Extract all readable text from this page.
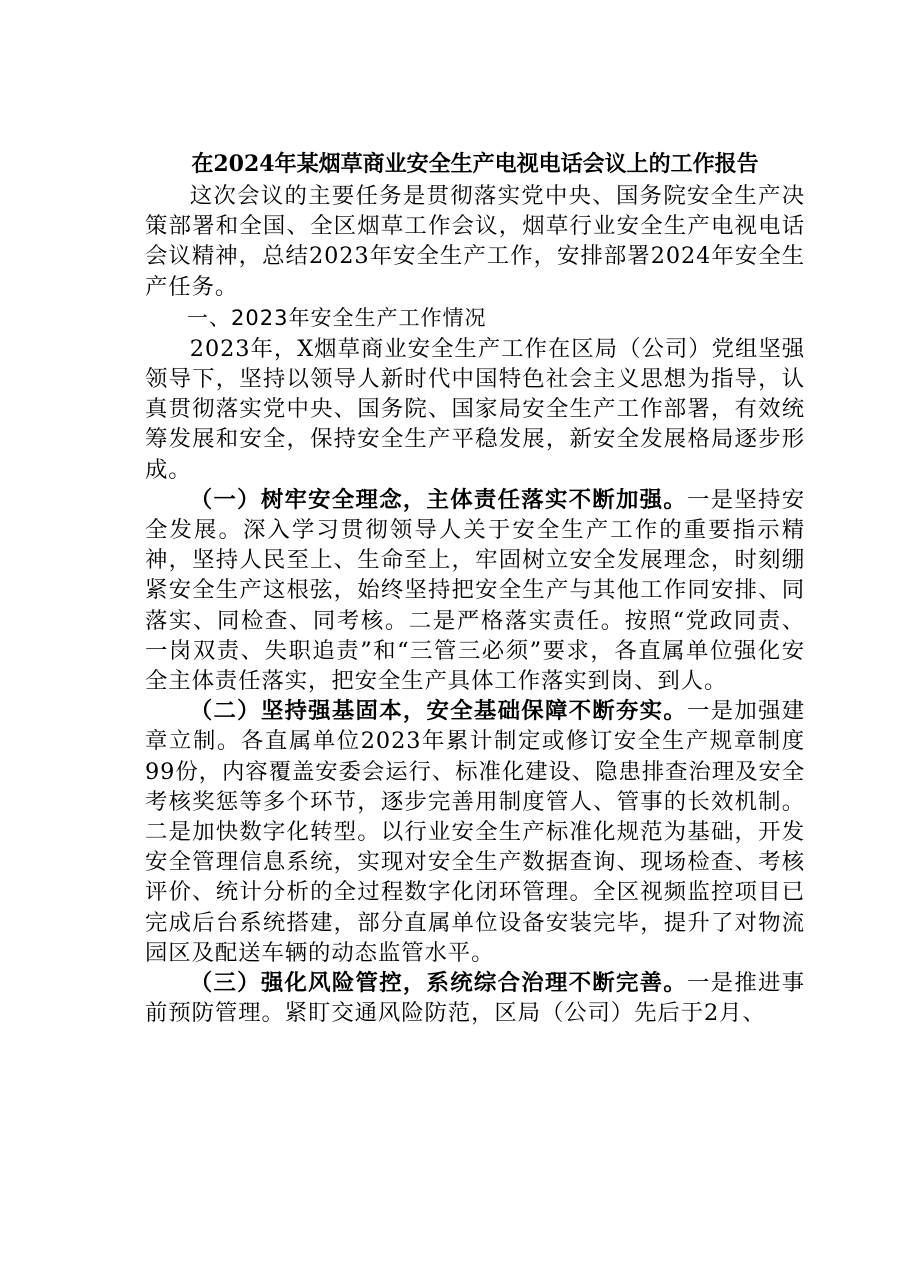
在2024年某烟草商业安全生产电视电话会议上的工作报告

这次会议的主要任务是贯彻落实党中央、国务院安全生产决策部署和全国、全区烟草工作会议，烟草行业安全生产电视电话会议精神，总结2023年安全生产工作，安排部署2024年安全生产任务。

一、2023年安全生产工作情况

2023年，X烟草商业安全生产工作在区局（公司）党组坚强领导下，坚持以领导人新时代中国特色社会主义思想为指导，认真贯彻落实党中央、国务院、国家局安全生产工作部署，有效统筹发展和安全，保持安全生产平稳发展，新安全发展格局逐步形成。

（一）树牢安全理念，主体责任落实不断加强。一是坚持安全发展。深入学习贯彻领导人关于安全生产工作的重要指示精神，坚持人民至上、生命至上，牢固树立安全发展理念，时刻绷紧安全生产这根弦，始终坚持把安全生产与其他工作同安排、同落实、同检查、同考核。二是严格落实责任。按照“党政同责、一岗双责、失职追责”和“三管三必须”要求，各直属单位强化安全主体责任落实，把安全生产具体工作落实到岗、到人。

（二）坚持强基固本，安全基础保障不断夯实。一是加强建章立制。各直属单位2023年累计制定或修订安全生产规章制度99份，内容覆盖安委会运行、标准化建设、隐患排查治理及安全考核奖惩等多个环节，逐步完善用制度管人、管事的长效机制。二是加快数字化转型。以行业安全生产标准化规范为基础，开发安全管理信息系统，实现对安全生产数据查询、现场检查、考核评价、统计分析的全过程数字化闭环管理。全区视频监控项目已完成后台系统搭建，部分直属单位设备安装完毕，提升了对物流园区及配送车辆的动态监管水平。

（三）强化风险管控，系统综合治理不断完善。一是推进事前预防管理。紧盯交通风险防范，区局（公司）先后于2月、
